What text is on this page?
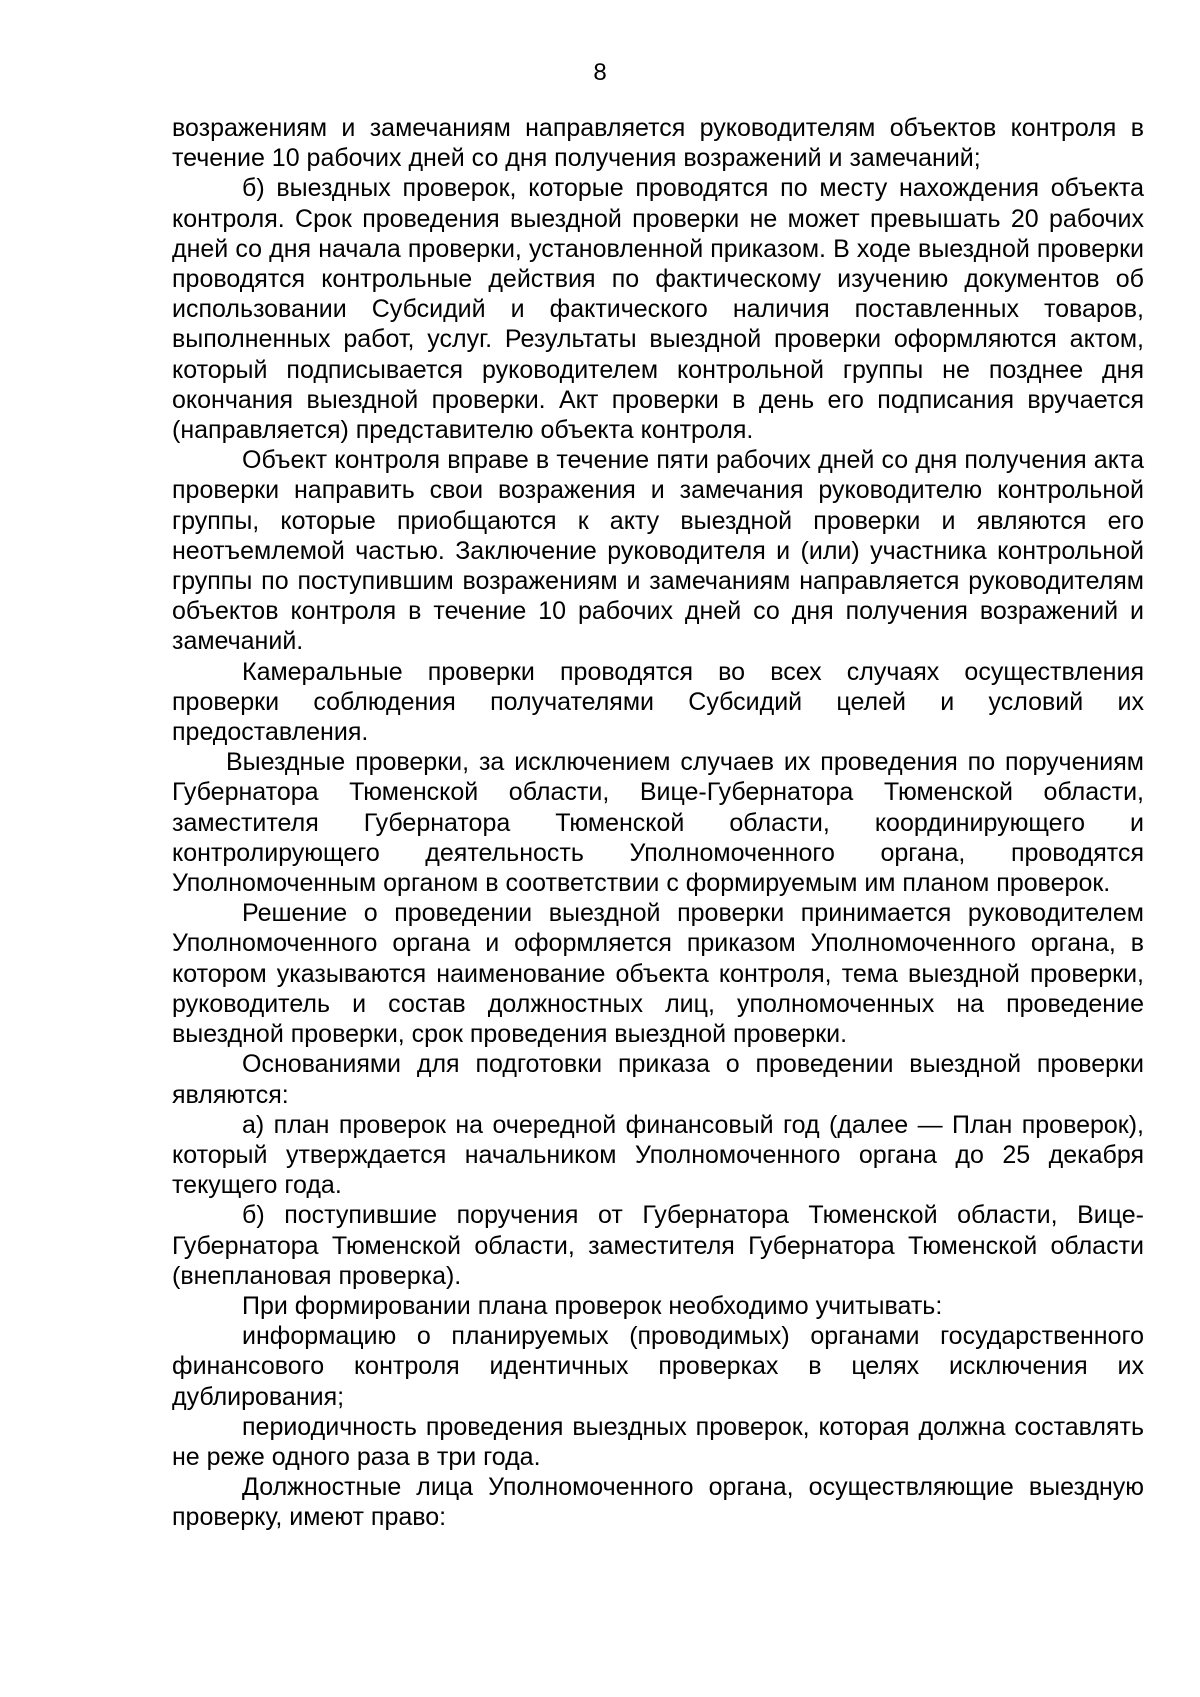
8

возражениям и замечаниям направляется руководителям объектов контроля в течение 10 рабочих дней со дня получения возражений и замечаний;

б) выездных проверок, которые проводятся по месту нахождения объекта контроля. Срок проведения выездной проверки не может превышать 20 рабочих дней со дня начала проверки, установленной приказом. В ходе выездной проверки проводятся контрольные действия по фактическому изучению документов об использовании Субсидий и фактического наличия поставленных товаров, выполненных работ, услуг. Результаты выездной проверки оформляются актом, который подписывается руководителем контрольной группы не позднее дня окончания выездной проверки. Акт проверки в день его подписания вручается (направляется) представителю объекта контроля.

Объект контроля вправе в течение пяти рабочих дней со дня получения акта проверки направить свои возражения и замечания руководителю контрольной группы, которые приобщаются к акту выездной проверки и являются его неотъемлемой частью. Заключение руководителя и (или) участника контрольной группы по поступившим возражениям и замечаниям направляется руководителям объектов контроля в течение 10 рабочих дней со дня получения возражений и замечаний.

Камеральные проверки проводятся во всех случаях осуществления проверки соблюдения получателями Субсидий целей и условий их предоставления.

Выездные проверки, за исключением случаев их проведения по поручениям Губернатора Тюменской области, Вице-Губернатора Тюменской области, заместителя Губернатора Тюменской области, координирующего и контролирующего деятельность Уполномоченного органа, проводятся Уполномоченным органом в соответствии с формируемым им планом проверок.

Решение о проведении выездной проверки принимается руководителем Уполномоченного органа и оформляется приказом Уполномоченного органа, в котором указываются наименование объекта контроля, тема выездной проверки, руководитель и состав должностных лиц, уполномоченных на проведение выездной проверки, срок проведения выездной проверки.

Основаниями для подготовки приказа о проведении выездной проверки являются:

а) план проверок на очередной финансовый год (далее — План проверок), который утверждается начальником Уполномоченного органа до 25 декабря текущего года.

б) поступившие поручения от Губернатора Тюменской области, Вице-Губернатора Тюменской области, заместителя Губернатора Тюменской области (внеплановая проверка).

При формировании плана проверок необходимо учитывать:

информацию о планируемых (проводимых) органами государственного финансового контроля идентичных проверках в целях исключения их дублирования;

периодичность проведения выездных проверок, которая должна составлять не реже одного раза в три года.

Должностные лица Уполномоченного органа, осуществляющие выездную проверку, имеют право:
